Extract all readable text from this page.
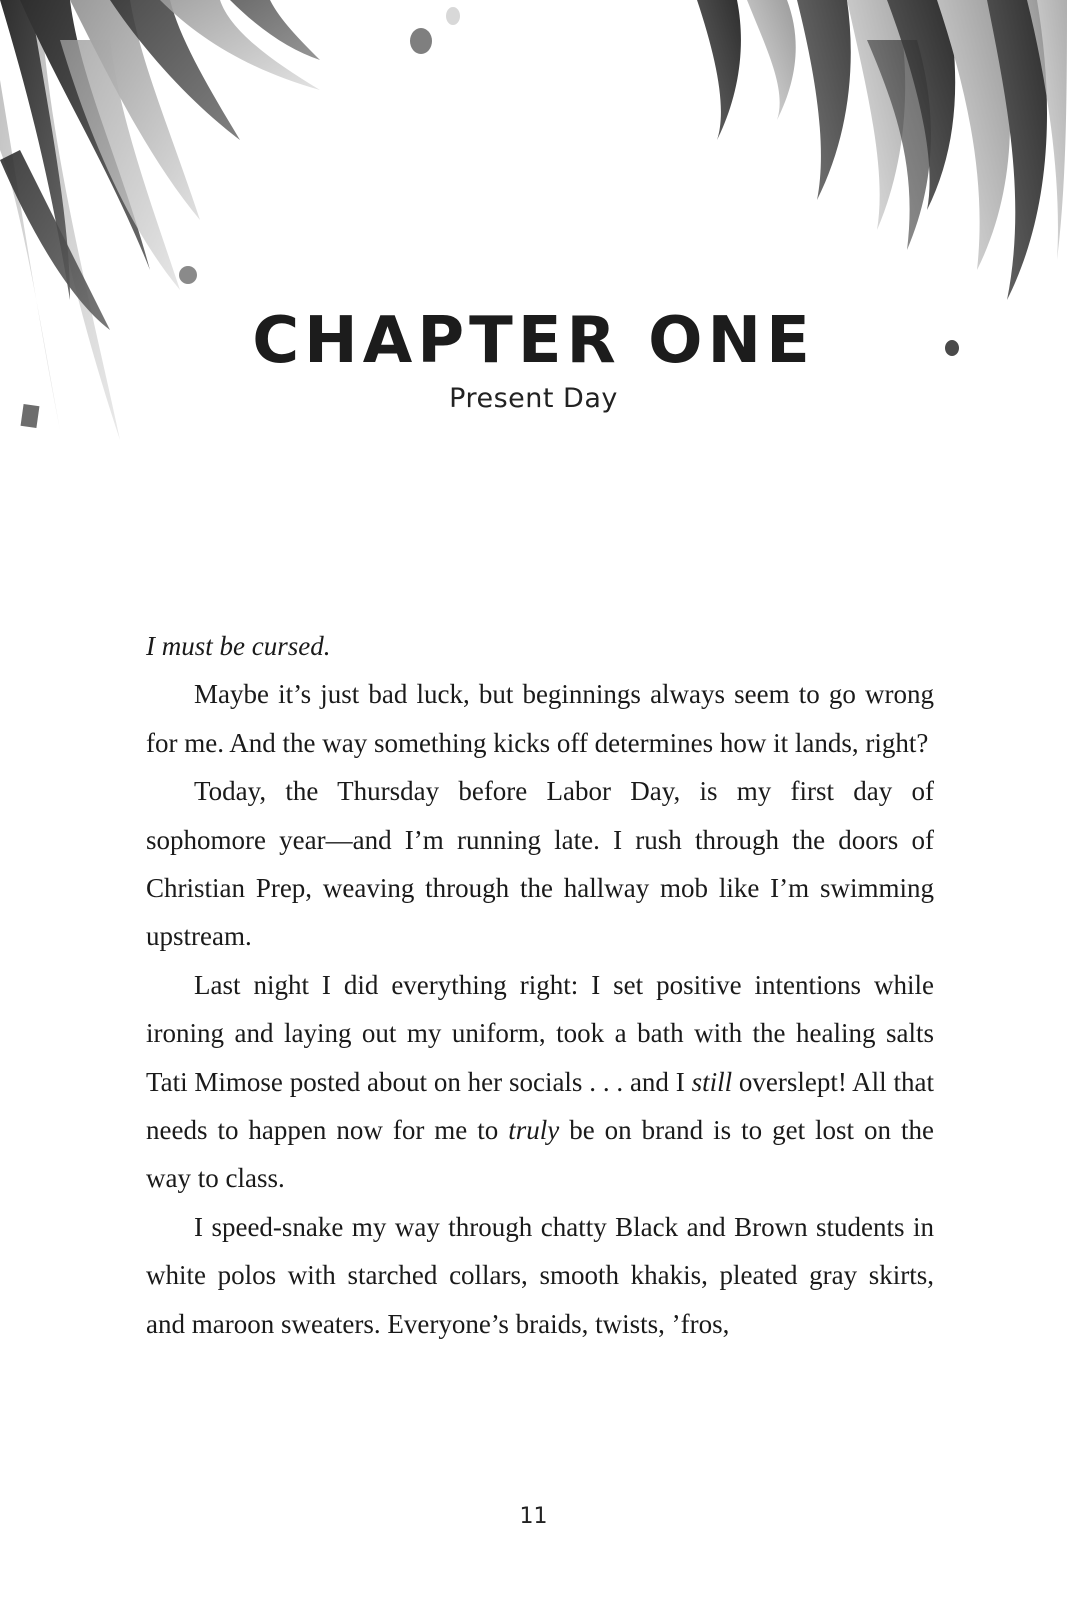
CHAPTER ONE
Present Day

I must be cursed.

Maybe it’s just bad luck, but beginnings always seem to go wrong for me. And the way something kicks off determines how it lands, right?

Today, the Thursday before Labor Day, is my first day of sophomore year—and I’m running late. I rush through the doors of Christian Prep, weaving through the hallway mob like I’m swimming upstream.

Last night I did everything right: I set positive intentions while ironing and laying out my uniform, took a bath with the healing salts Tati Mimose posted about on her socials . . . and I still overslept! All that needs to happen now for me to truly be on brand is to get lost on the way to class.

I speed-snake my way through chatty Black and Brown students in white polos with starched collars, smooth khakis, pleated gray skirts, and maroon sweaters. Everyone’s braids, twists, ’fros,

11
